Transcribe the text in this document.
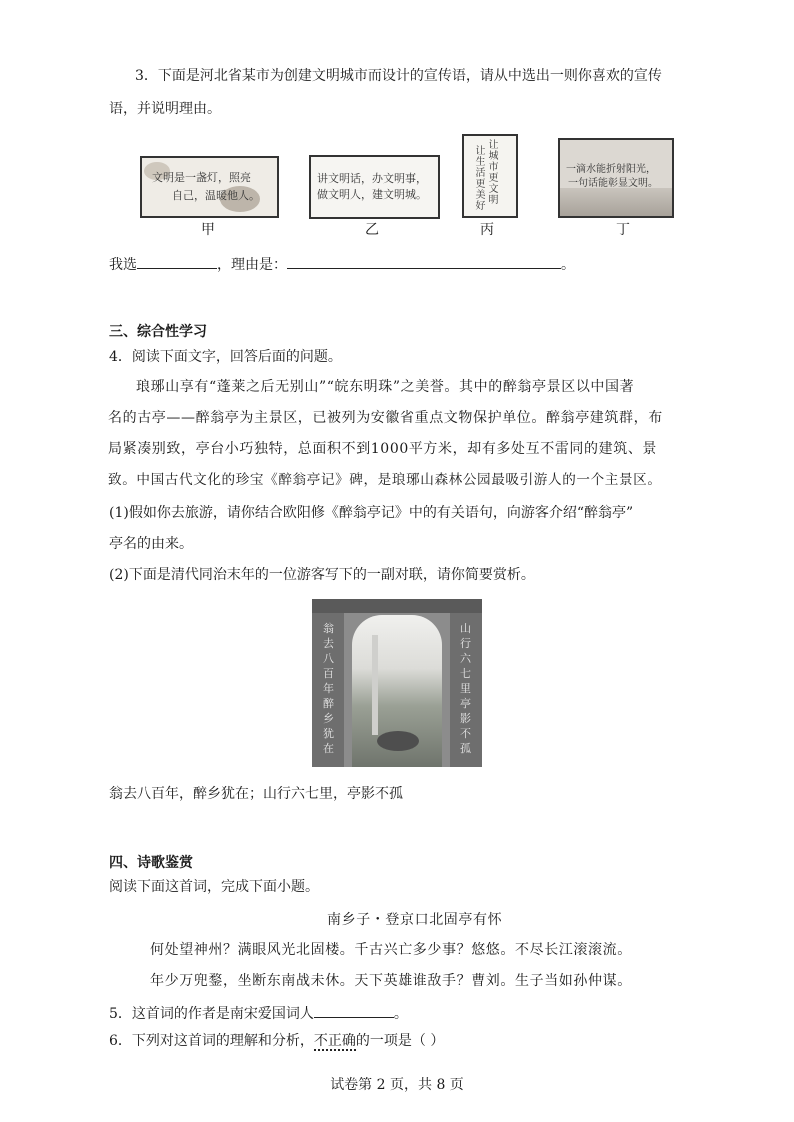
3．下面是河北省某市为创建文明城市而设计的宣传语，请从中选出一则你喜欢的宣传
语，并说明理由。
文明是一盏灯，照亮
自己，温暖他人。
甲
讲文明话，办文明事，
做文明人，建文明城。
乙
让城市更文明
让生活更美好
丙
一滴水能折射阳光，
一句话能彰显文明。
丁
我选	，理由是：	。
三、综合性学习
4．阅读下面文字，回答后面的问题。
琅琊山享有“蓬莱之后无别山”“皖东明珠”之美誉。其中的醉翁亭景区以中国著
名的古亭——醉翁亭为主景区，已被列为安徽省重点文物保护单位。醉翁亭建筑群，布
局紧凑别致，亭台小巧独特，总面积不到1000平方米，却有多处互不雷同的建筑、景
致。中国古代文化的珍宝《醉翁亭记》碑，是琅琊山森林公园最吸引游人的一个主景区。
(1)假如你去旅游，请你结合欧阳修《醉翁亭记》中的有关语句，向游客介绍“醉翁亭”
亭名的由来。
(2)下面是清代同治末年的一位游客写下的一副对联，请你简要赏析。
翁去八百年醉乡犹在
山行六七里亭影不孤
翁去八百年，醉乡犹在；山行六七里，亭影不孤
四、诗歌鉴赏
阅读下面这首词，完成下面小题。
南乡子・登京口北固亭有怀
何处望神州？满眼风光北固楼。千古兴亡多少事？悠悠。不尽长江滚滚流。
年少万兜鍪，坐断东南战未休。天下英雄谁敌手？曹刘。生子当如孙仲谋。
5．这首词的作者是南宋爱国词人	。
6．下列对这首词的理解和分析，不正确的一项是（ ）
试卷第 2 页，共 8 页
